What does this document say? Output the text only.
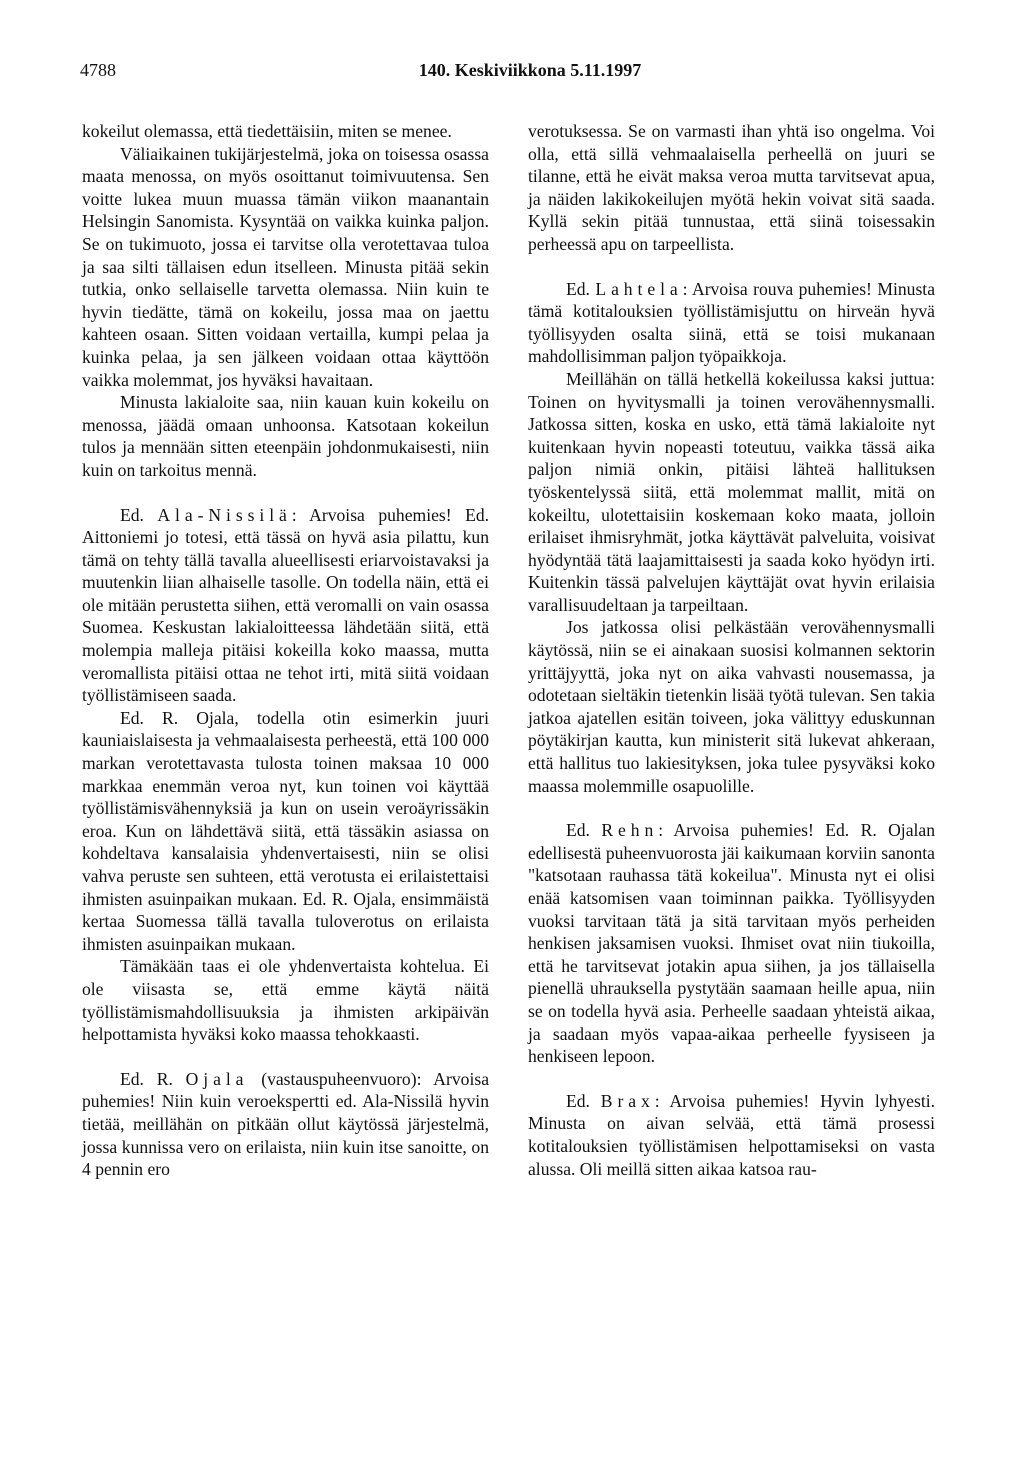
4788	140. Keskiviikkona 5.11.1997

kokeilut olemassa, että tiedettäisiin, miten se menee.

Väliaikainen tukijärjestelmä, joka on toisessa osassa maata menossa, on myös osoittanut toimivuutensa. Sen voitte lukea muun muassa tämän viikon maanantain Helsingin Sanomista. Kysyntää on vaikka kuinka paljon. Se on tukimuoto, jossa ei tarvitse olla verotettavaa tuloa ja saa silti tällaisen edun itselleen. Minusta pitää sekin tutkia, onko sellaiselle tarvetta olemassa. Niin kuin te hyvin tiedätte, tämä on kokeilu, jossa maa on jaettu kahteen osaan. Sitten voidaan vertailla, kumpi pelaa ja kuinka pelaa, ja sen jälkeen voidaan ottaa käyttöön vaikka molemmat, jos hyväksi havaitaan.

Minusta lakialoite saa, niin kauan kuin kokeilu on menossa, jäädä omaan unhoonsa. Katsotaan kokeilun tulos ja mennään sitten eteenpäin johdonmukaisesti, niin kuin on tarkoitus mennä.

Ed. Ala-Nissilä: Arvoisa puhemies! Ed. Aittoniemi jo totesi, että tässä on hyvä asia pilattu, kun tämä on tehty tällä tavalla alueellisesti eriarvoistavaksi ja muutenkin liian alhaiselle tasolle. On todella näin, että ei ole mitään perustetta siihen, että veromalli on vain osassa Suomea. Keskustan lakialoitteessa lähdetään siitä, että molempia malleja pitäisi kokeilla koko maassa, mutta veromallista pitäisi ottaa ne tehot irti, mitä siitä voidaan työllistämiseen saada.

Ed. R. Ojala, todella otin esimerkin juuri kauniaislaisesta ja vehmaalaisesta perheestä, että 100 000 markan verotettavasta tulosta toinen maksaa 10 000 markkaa enemmän veroa nyt, kun toinen voi käyttää työllistämisvähennyksiä ja kun on usein veroäyrissäkin eroa. Kun on lähdettävä siitä, että tässäkin asiassa on kohdeltava kansalaisia yhdenvertaisesti, niin se olisi vahva peruste sen suhteen, että verotusta ei erilaistettaisi ihmisten asuinpaikan mukaan. Ed. R. Ojala, ensimmäistä kertaa Suomessa tällä tavalla tuloverotus on erilaista ihmisten asuinpaikan mukaan.

Tämäkään taas ei ole yhdenvertaista kohtelua. Ei ole viisasta se, että emme käytä näitä työllistämismahdollisuuksia ja ihmisten arkipäivän helpottamista hyväksi koko maassa tehokkaasti.

Ed. R. Ojala (vastauspuheenvuoro): Arvoisa puhemies! Niin kuin veroekspertti ed. Ala-Nissilä hyvin tietää, meillähän on pitkään ollut käytössä järjestelmä, jossa kunnissa vero on erilaista, niin kuin itse sanoitte, on 4 pennin ero

verotuksessa. Se on varmasti ihan yhtä iso ongelma. Voi olla, että sillä vehmaalaisella perheellä on juuri se tilanne, että he eivät maksa veroa mutta tarvitsevat apua, ja näiden lakikokeilujen myötä hekin voivat sitä saada. Kyllä sekin pitää tunnustaa, että siinä toisessakin perheessä apu on tarpeellista.

Ed. Lahtela: Arvoisa rouva puhemies! Minusta tämä kotitalouksien työllistämisjuttu on hirveän hyvä työllisyyden osalta siinä, että se toisi mukanaan mahdollisimman paljon työpaikkoja.

Meillähän on tällä hetkellä kokeilussa kaksi juttua: Toinen on hyvitysmalli ja toinen verovähennysmalli. Jatkossa sitten, koska en usko, että tämä lakialoite nyt kuitenkaan hyvin nopeasti toteutuu, vaikka tässä aika paljon nimiä onkin, pitäisi lähteä hallituksen työskentelyssä siitä, että molemmat mallit, mitä on kokeiltu, ulotettaisiin koskemaan koko maata, jolloin erilaiset ihmisryhmät, jotka käyttävät palveluita, voisivat hyödyntää tätä laajamittaisesti ja saada koko hyödyn irti. Kuitenkin tässä palvelujen käyttäjät ovat hyvin erilaisia varallisuudeltaan ja tarpeiltaan.

Jos jatkossa olisi pelkästään verovähennysmalli käytössä, niin se ei ainakaan suosisi kolmannen sektorin yrittäjyyttä, joka nyt on aika vahvasti nousemassa, ja odotetaan sieltäkin tietenkin lisää työtä tulevan. Sen takia jatkoa ajatellen esitän toiveen, joka välittyy eduskunnan pöytäkirjan kautta, kun ministerit sitä lukevat ahkeraan, että hallitus tuo lakiesityksen, joka tulee pysyväksi koko maassa molemmille osapuolille.

Ed. Rehn: Arvoisa puhemies! Ed. R. Ojalan edellisestä puheenvuorosta jäi kaikumaan korviin sanonta "katsotaan rauhassa tätä kokeilua". Minusta nyt ei olisi enää katsomisen vaan toiminnan paikka. Työllisyyden vuoksi tarvitaan tätä ja sitä tarvitaan myös perheiden henkisen jaksamisen vuoksi. Ihmiset ovat niin tiukoilla, että he tarvitsevat jotakin apua siihen, ja jos tällaisella pienellä uhrauksella pystytään saamaan heille apua, niin se on todella hyvä asia. Perheelle saadaan yhteistä aikaa, ja saadaan myös vapaa-aikaa perheelle fyysiseen ja henkiseen lepoon.

Ed. Brax: Arvoisa puhemies! Hyvin lyhyesti. Minusta on aivan selvää, että tämä prosessi kotitalouksien työllistämisen helpottamiseksi on vasta alussa. Oli meillä sitten aikaa katsoa rau-
